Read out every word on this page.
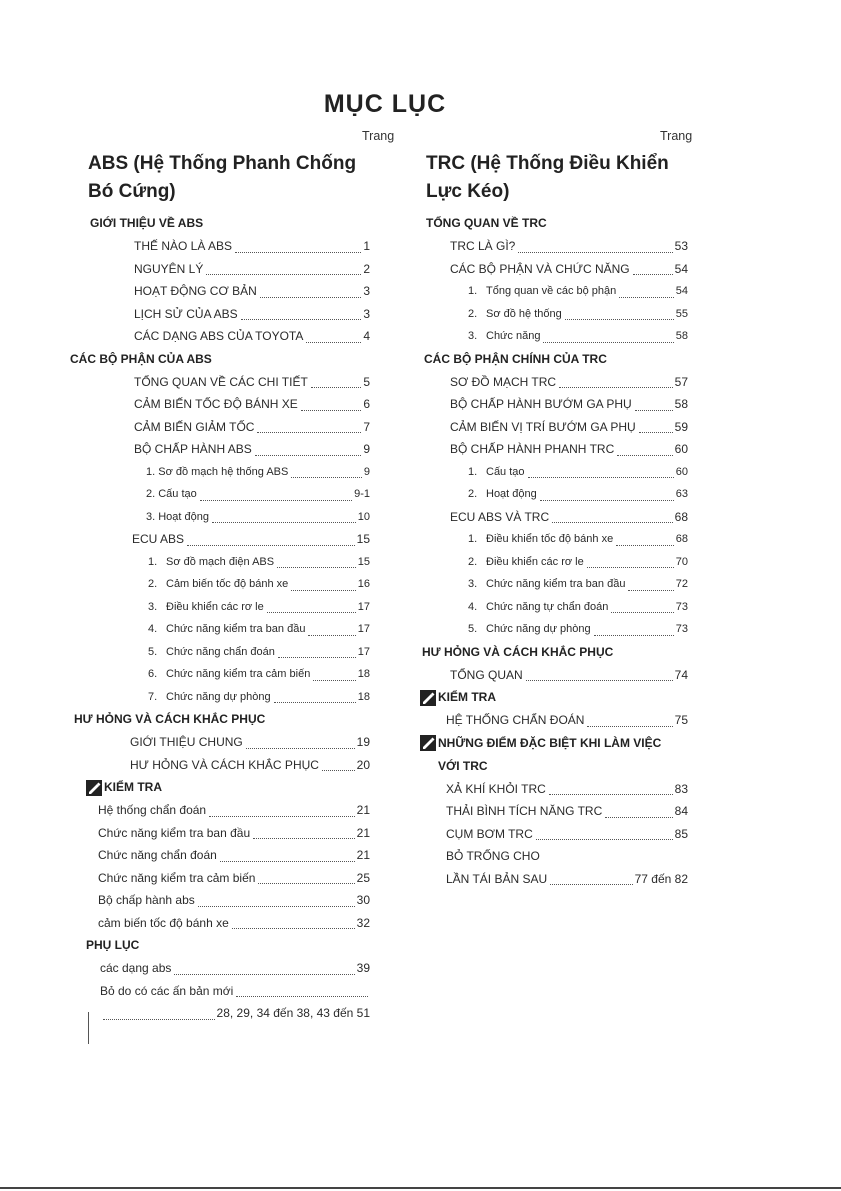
MỤC LỤC
Trang	Trang
ABS (Hệ Thống Phanh Chống
Bó Cứng)
GIỚI THIỆU VỀ ABS
THẾ NÀO LÀ ABS	1
NGUYÊN LÝ	2
HOẠT ĐỘNG CƠ BẢN	3
LỊCH SỬ CỦA ABS	3
CÁC DẠNG ABS CỦA TOYOTA	4
CÁC BỘ PHẬN CỦA ABS
TỔNG QUAN VỀ CÁC CHI TIẾT	5
CẢM BIẾN TỐC ĐỘ BÁNH XE	6
CẢM BIẾN GIẢM TỐC	7
BỘ CHẤP HÀNH ABS	9
1. Sơ đồ mạch hệ thống ABS	9
2. Cấu tạo	9-1
3. Hoạt động	10
ECU ABS	15
1. Sơ đồ mạch điện ABS	15
2. Cảm biến tốc độ bánh xe	16
3. Điều khiển các rơ le	17
4. Chức năng kiểm tra ban đầu	17
5. Chức năng chẩn đoán	17
6. Chức năng kiểm tra cảm biến	18
7. Chức năng dự phòng	18
HƯ HỎNG VÀ CÁCH KHẮC PHỤC
GIỚI THIỆU CHUNG	19
HƯ HỎNG VÀ CÁCH KHẮC PHỤC	20
KIỂM TRA
Hệ thống chẩn đoán	21
Chức năng kiểm tra ban đầu	21
Chức năng chẩn đoán	21
Chức năng kiểm tra cảm biến	25
Bộ chấp hành abs	30
cảm biến tốc độ bánh xe	32
PHỤ LỤC
các dạng abs	39
Bỏ do có các ấn bản mới
28, 29, 34 đến 38, 43 đến 51
TRC (Hệ Thống Điều Khiển
Lực Kéo)
TỔNG QUAN VỀ TRC
TRC LÀ GÌ?	53
CÁC BỘ PHẬN VÀ CHỨC NĂNG	54
1. Tổng quan về các bộ phận	54
2. Sơ đồ hệ thống	55
3. Chức năng	58
CÁC BỘ PHẬN CHÍNH CỦA TRC
SƠ ĐỒ MẠCH TRC	57
BỘ CHẤP HÀNH BƯỚM GA PHỤ	58
CẢM BIẾN VỊ TRÍ BƯỚM GA PHỤ	59
BỘ CHẤP HÀNH PHANH TRC	60
1. Cấu tạo	60
2. Hoạt động	63
ECU ABS VÀ TRC	68
1. Điều khiển tốc độ bánh xe	68
2. Điều khiển các rơ le	70
3. Chức năng kiểm tra ban đầu	72
4. Chức năng tự chẩn đoán	73
5. Chức năng dự phòng	73
HƯ HỎNG VÀ CÁCH KHẮC PHỤC
TỔNG QUAN	74
KIỂM TRA
HỆ THỐNG CHẨN ĐOÁN	75
NHỮNG ĐIỂM ĐẶC BIỆT KHI LÀM VIỆC
VỚI TRC
XẢ KHÍ KHỎI TRC	83
THẢI BÌNH TÍCH NĂNG TRC	84
CỤM BƠM TRC	85
BỎ TRỐNG CHO
LẦN TÁI BẢN SAU	77 đến 82
